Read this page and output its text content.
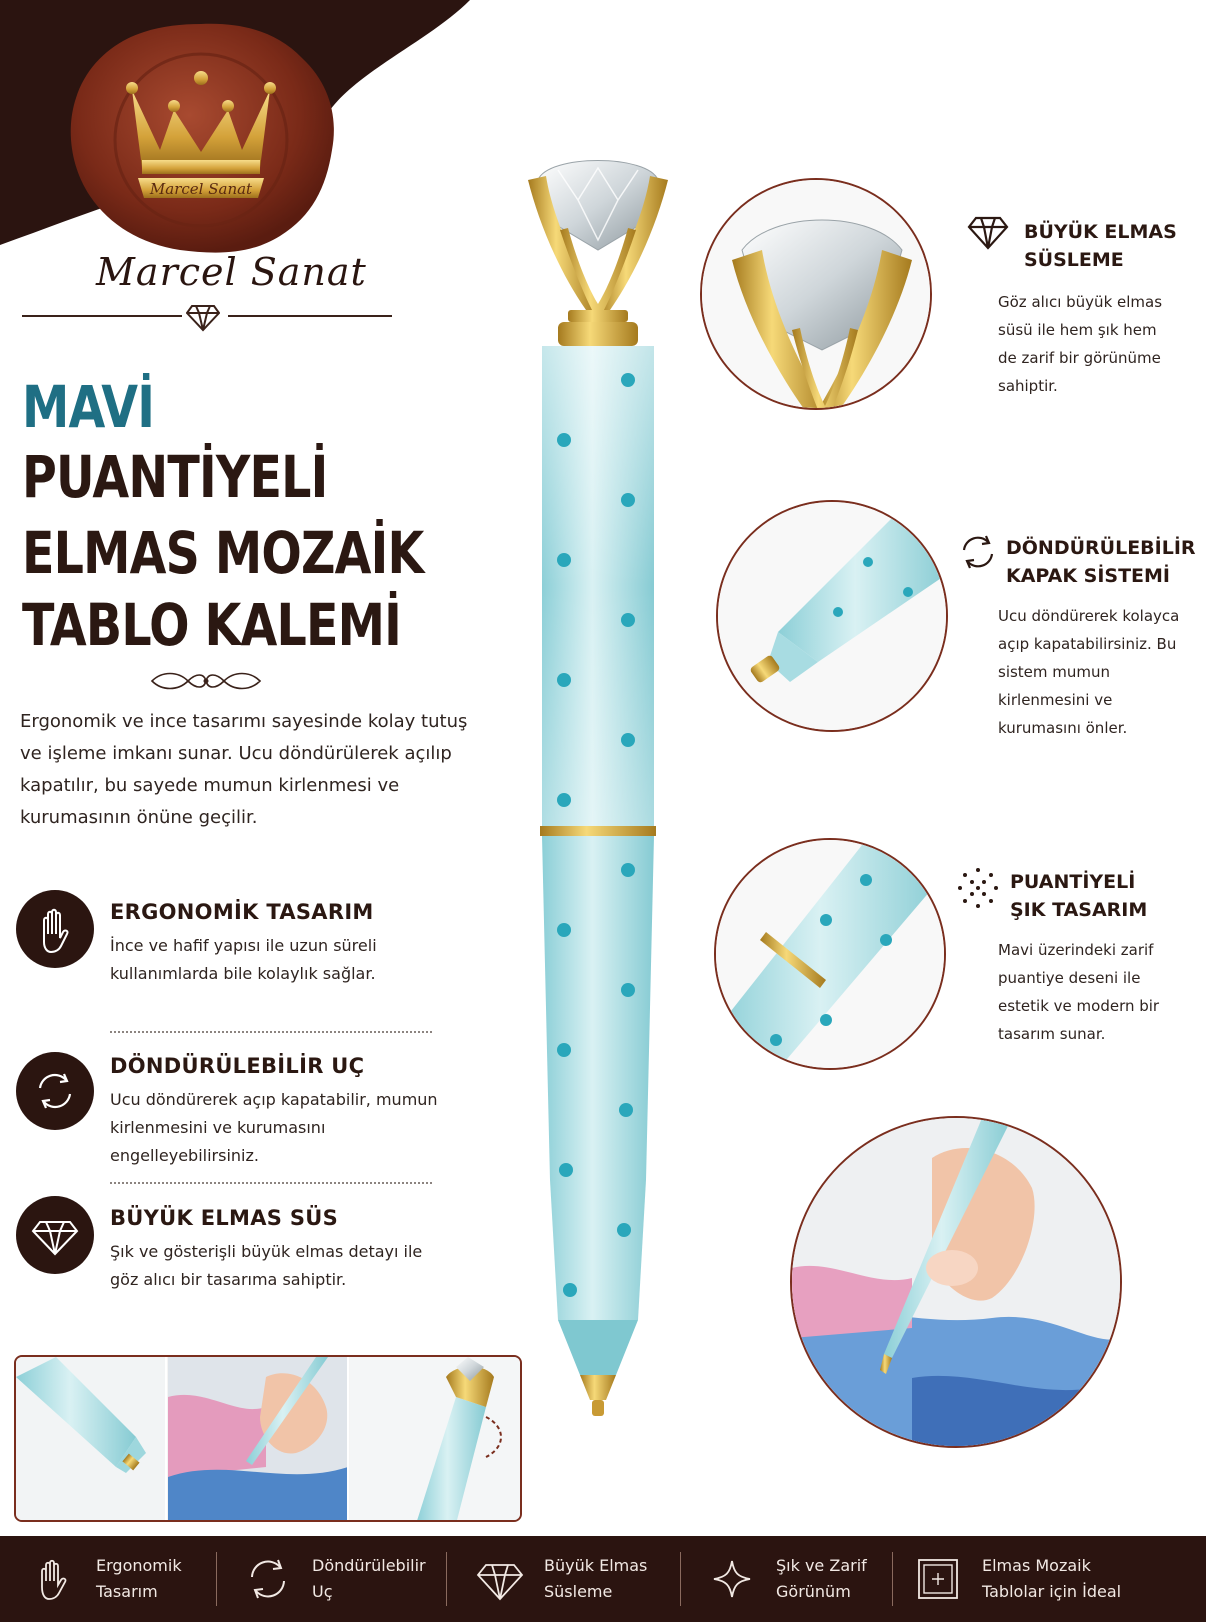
Marcel Sanat
Marcel Sanat
MAVİ
PUANTİYELİ
ELMAS MOZAİK
TABLO KALEMİ
Ergonomik ve ince tasarımı sayesinde kolay tutuş ve işleme imkanı sunar. Ucu döndürülerek açılıp kapatılır, bu sayede mumun kirlenmesi ve kurumasının önüne geçilir.
ERGONOMİK TASARIM
İnce ve hafif yapısı ile uzun süreli kullanımlarda bile kolaylık sağlar.
DÖNDÜRÜLEBİLİR UÇ
Ucu döndürerek açıp kapatabilir, mumun kirlenmesini ve kurumasını engelleyebilirsiniz.
BÜYÜK ELMAS SÜS
Şık ve gösterişli büyük elmas detayı ile göz alıcı bir tasarıma sahiptir.
BÜYÜK ELMAS
SÜSLEME
Göz alıcı büyük elmas süsü ile hem şık hem de zarif bir görünüme sahiptir.
DÖNDÜRÜLEBİLİR
KAPAK SİSTEMİ
Ucu döndürerek kolayca açıp kapatabilirsiniz. Bu sistem mumun kirlenmesini ve kurumasını önler.
PUANTİYELİ
ŞIK TASARIM
Mavi üzerindeki zarif puantiye deseni ile estetik ve modern bir tasarım sunar.
Ergonomik
Tasarım
Döndürülebilir
Uç
Büyük Elmas
Süsleme
Şık ve Zarif
Görünüm
Elmas Mozaik
Tablolar için İdeal
